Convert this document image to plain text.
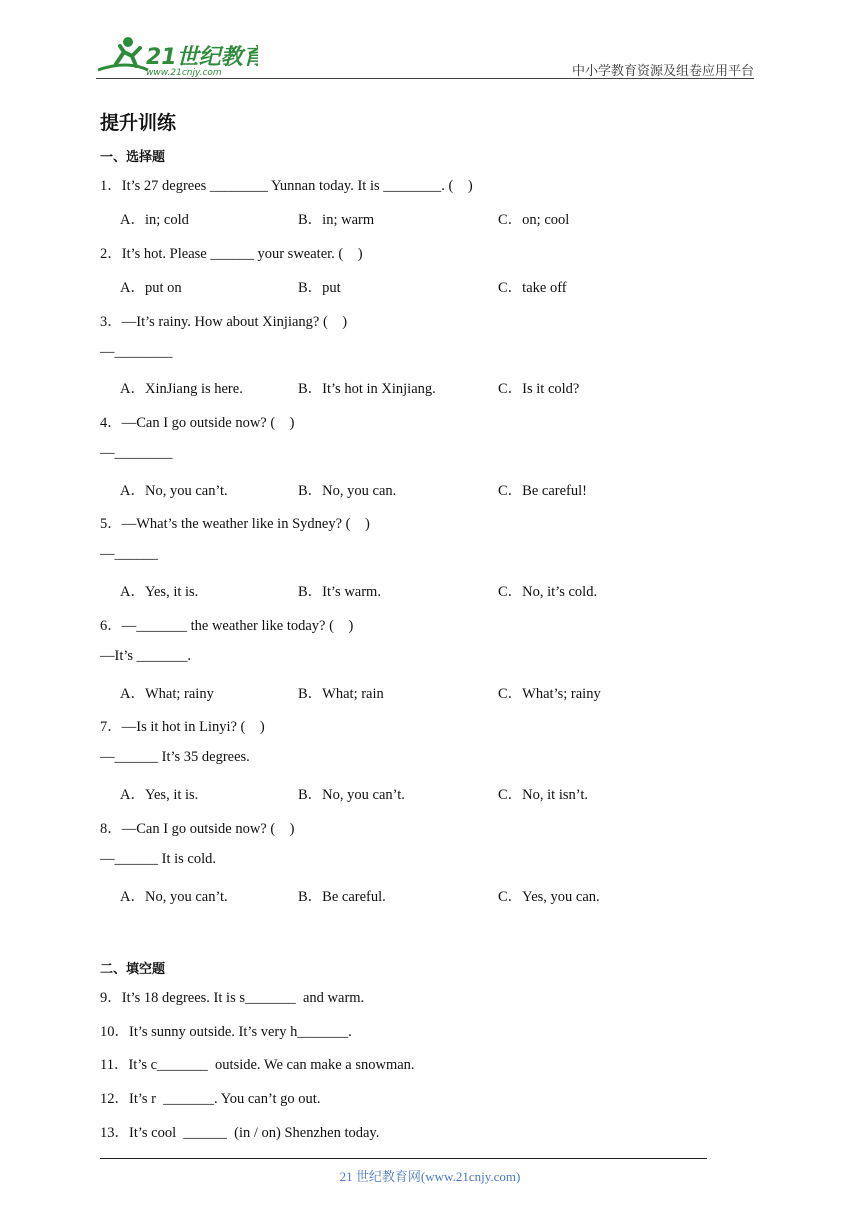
21世纪教育
www.21cnjy.com	中小学教育资源及组卷应用平台
提升训练
一、选择题
1．It’s 27 degrees ________ Yunnan today. It is ________. (    )
A．in; cold	B．in; warm	C．on; cool
2．It’s hot. Please ______ your sweater. (    )
A．put on	B．put	C．take off
3．—It’s rainy. How about Xinjiang? (    )
—________
A．XinJiang is here.	B．It’s hot in Xinjiang.	C．Is it cold?
4．—Can I go outside now? (    )
—________
A．No, you can’t.	B．No, you can.	C．Be careful!
5．—What’s the weather like in Sydney? (    )
—______
A．Yes, it is.	B．It’s warm.	C．No, it’s cold.
6．—_______ the weather like today? (    )
—It’s _______.
A．What; rainy	B．What; rain	C．What’s; rainy
7．—Is it hot in Linyi? (    )
—______ It’s 35 degrees.
A．Yes, it is.	B．No, you can’t.	C．No, it isn’t.
8．—Can I go outside now? (    )
—______ It is cold.
A．No, you can’t.	B．Be careful.	C．Yes, you can.
二、填空题
9．It’s 18 degrees. It is s_______  and warm.
10．It’s sunny outside. It’s very h_______.
11．It’s c_______  outside. We can make a snowman.
12．It’s r  _______. You can’t go out.
13．It’s cool  ______  (in / on) Shenzhen today.
21 世纪教育网(www.21cnjy.com)
